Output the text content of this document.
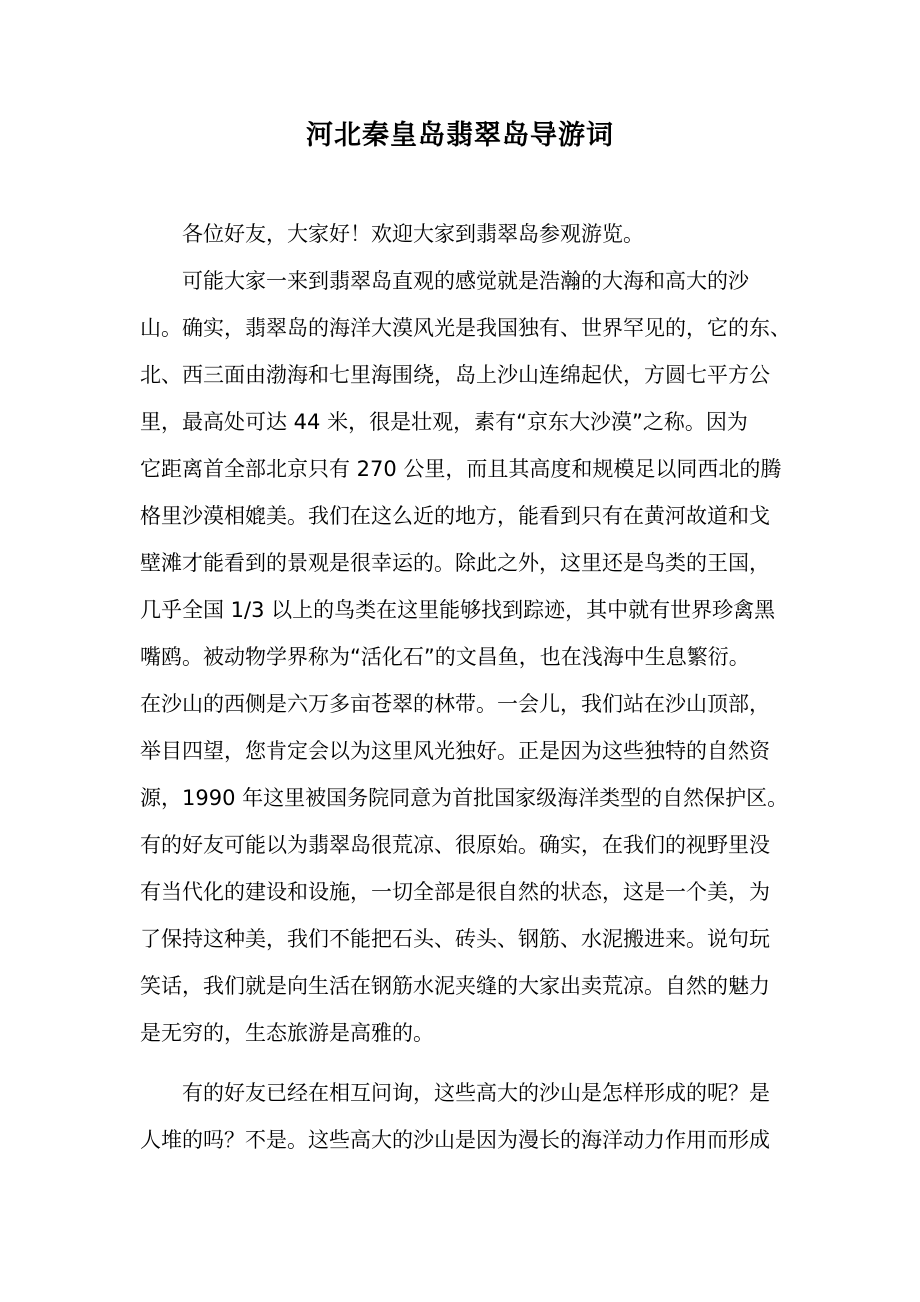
河北秦皇岛翡翠岛导游词
各位好友，大家好！欢迎大家到翡翠岛参观游览。
可能大家一来到翡翠岛直观的感觉就是浩瀚的大海和高大的沙
山。确实，翡翠岛的海洋大漠风光是我国独有、世界罕见的，它的东、
北、西三面由渤海和七里海围绕，岛上沙山连绵起伏，方圆七平方公
里，最高处可达 44 米，很是壮观，素有“京东大沙漠”之称。因为
它距离首全部北京只有 270 公里，而且其高度和规模足以同西北的腾
格里沙漠相媲美。我们在这么近的地方，能看到只有在黄河故道和戈
壁滩才能看到的景观是很幸运的。除此之外，这里还是鸟类的王国，
几乎全国 1/3 以上的鸟类在这里能够找到踪迹，其中就有世界珍禽黑
嘴鸥。被动物学界称为“活化石”的文昌鱼，也在浅海中生息繁衍。
在沙山的西侧是六万多亩苍翠的林带。一会儿，我们站在沙山顶部，
举目四望，您肯定会以为这里风光独好。正是因为这些独特的自然资
源，1990 年这里被国务院同意为首批国家级海洋类型的自然保护区。
有的好友可能以为翡翠岛很荒凉、很原始。确实，在我们的视野里没
有当代化的建设和设施，一切全部是很自然的状态，这是一个美，为
了保持这种美，我们不能把石头、砖头、钢筋、水泥搬进来。说句玩
笑话，我们就是向生活在钢筋水泥夹缝的大家出卖荒凉。自然的魅力
是无穷的，生态旅游是高雅的。
有的好友已经在相互问询，这些高大的沙山是怎样形成的呢？是
人堆的吗？不是。这些高大的沙山是因为漫长的海洋动力作用而形成
